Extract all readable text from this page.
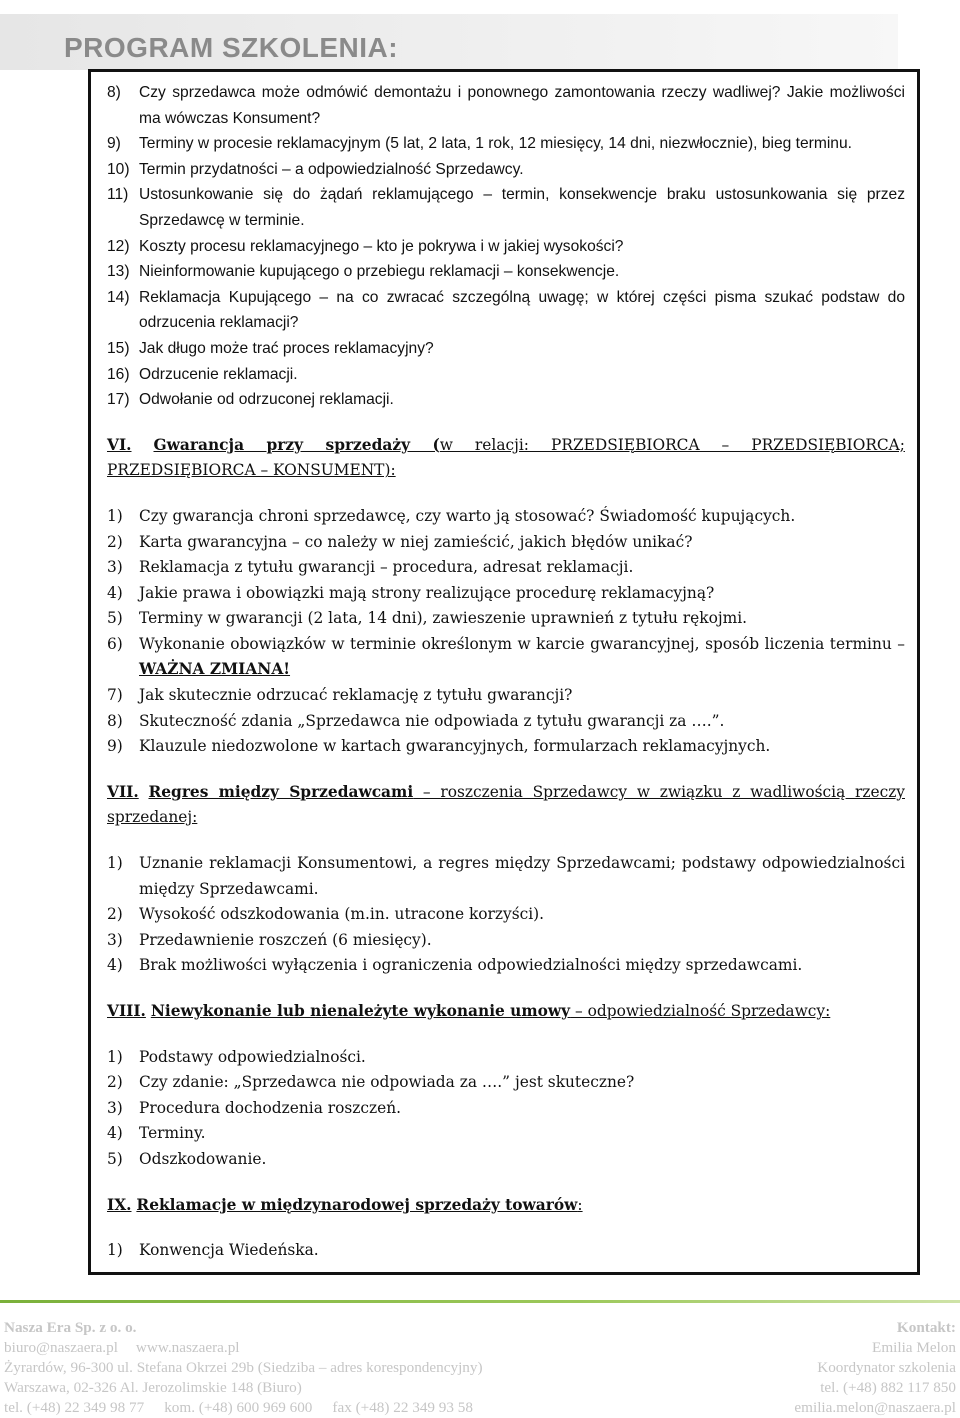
PROGRAM SZKOLENIA:
8)	Czy sprzedawca może odmówić demontażu i ponownego zamontowania rzeczy wadliwej? Jakie możliwości ma wówczas Konsument?
9)	Terminy w procesie reklamacyjnym (5 lat, 2 lata, 1 rok, 12 miesięcy, 14 dni, niezwłocznie), bieg terminu.
10) Termin przydatności – a odpowiedzialność Sprzedawcy.
11) Ustosunkowanie się do żądań reklamującego – termin, konsekwencje braku ustosunkowania się przez Sprzedawcę w terminie.
12) Koszty procesu reklamacyjnego – kto je pokrywa i w jakiej wysokości?
13) Nieinformowanie kupującego o przebiegu reklamacji – konsekwencje.
14) Reklamacja Kupującego – na co zwracać szczególną uwagę; w której części pisma szukać podstaw do odrzucenia reklamacji?
15) Jak długo może trać proces reklamacyjny?
16) Odrzucenie reklamacji.
17) Odwołanie od odrzuconej reklamacji.
VI. Gwarancja przy sprzedaży (w relacji: PRZEDSIĘBIORCA – PRZEDSIĘBIORCA;
PRZEDSIĘBIORCA – KONSUMENT):
1)	Czy gwarancja chroni sprzedawcę, czy warto ją stosować? Świadomość kupujących.
2)	Karta gwarancyjna – co należy w niej zamieścić, jakich błędów unikać?
3)	Reklamacja z tytułu gwarancji – procedura, adresat reklamacji.
4)	Jakie prawa i obowiązki mają strony realizujące procedurę reklamacyjną?
5)	Terminy w gwarancji (2 lata, 14 dni), zawieszenie uprawnień z tytułu rękojmi.
6)	Wykonanie obowiązków w terminie określonym w karcie gwarancyjnej, sposób liczenia terminu – WAŻNA ZMIANA!
7)	Jak skutecznie odrzucać reklamację z tytułu gwarancji?
8)	Skuteczność zdania „Sprzedawca nie odpowiada z tytułu gwarancji za ….”.
9)	Klauzule niedozwolone w kartach gwarancyjnych, formularzach reklamacyjnych.
VII. Regres między Sprzedawcami – roszczenia Sprzedawcy w związku z wadliwością rzeczy
sprzedanej:
1)	Uznanie reklamacji Konsumentowi, a regres między Sprzedawcami; podstawy odpowiedzialności między Sprzedawcami.
2)	Wysokość odszkodowania (m.in. utracone korzyści).
3)	Przedawnienie roszczeń (6 miesięcy).
4)	Brak możliwości wyłączenia i ograniczenia odpowiedzialności między sprzedawcami.
VIII. Niewykonanie lub nienależyte wykonanie umowy – odpowiedzialność Sprzedawcy:
1)	Podstawy odpowiedzialności.
2)	Czy zdanie: „Sprzedawca nie odpowiada za ….” jest skuteczne?
3)	Procedura dochodzenia roszczeń.
4)	Terminy.
5)	Odszkodowanie.
IX. Reklamacje w międzynarodowej sprzedaży towarów:
1)	Konwencja Wiedeńska.
Nasza Era Sp. z o. o.	Kontakt:
biuro@naszaera.pl www.naszaera.pl	Emilia Melon
Żyrardów, 96-300 ul. Stefana Okrzei 29b (Siedziba – adres korespondencyjny)	Koordynator szkolenia
Warszawa, 02-326 Al. Jerozolimskie 148 (Biuro)	tel. (+48) 882 117 850
tel. (+48) 22 349 98 77 kom. (+48) 600 969 600 fax (+48) 22 349 93 58	emilia.melon@naszaera.pl
